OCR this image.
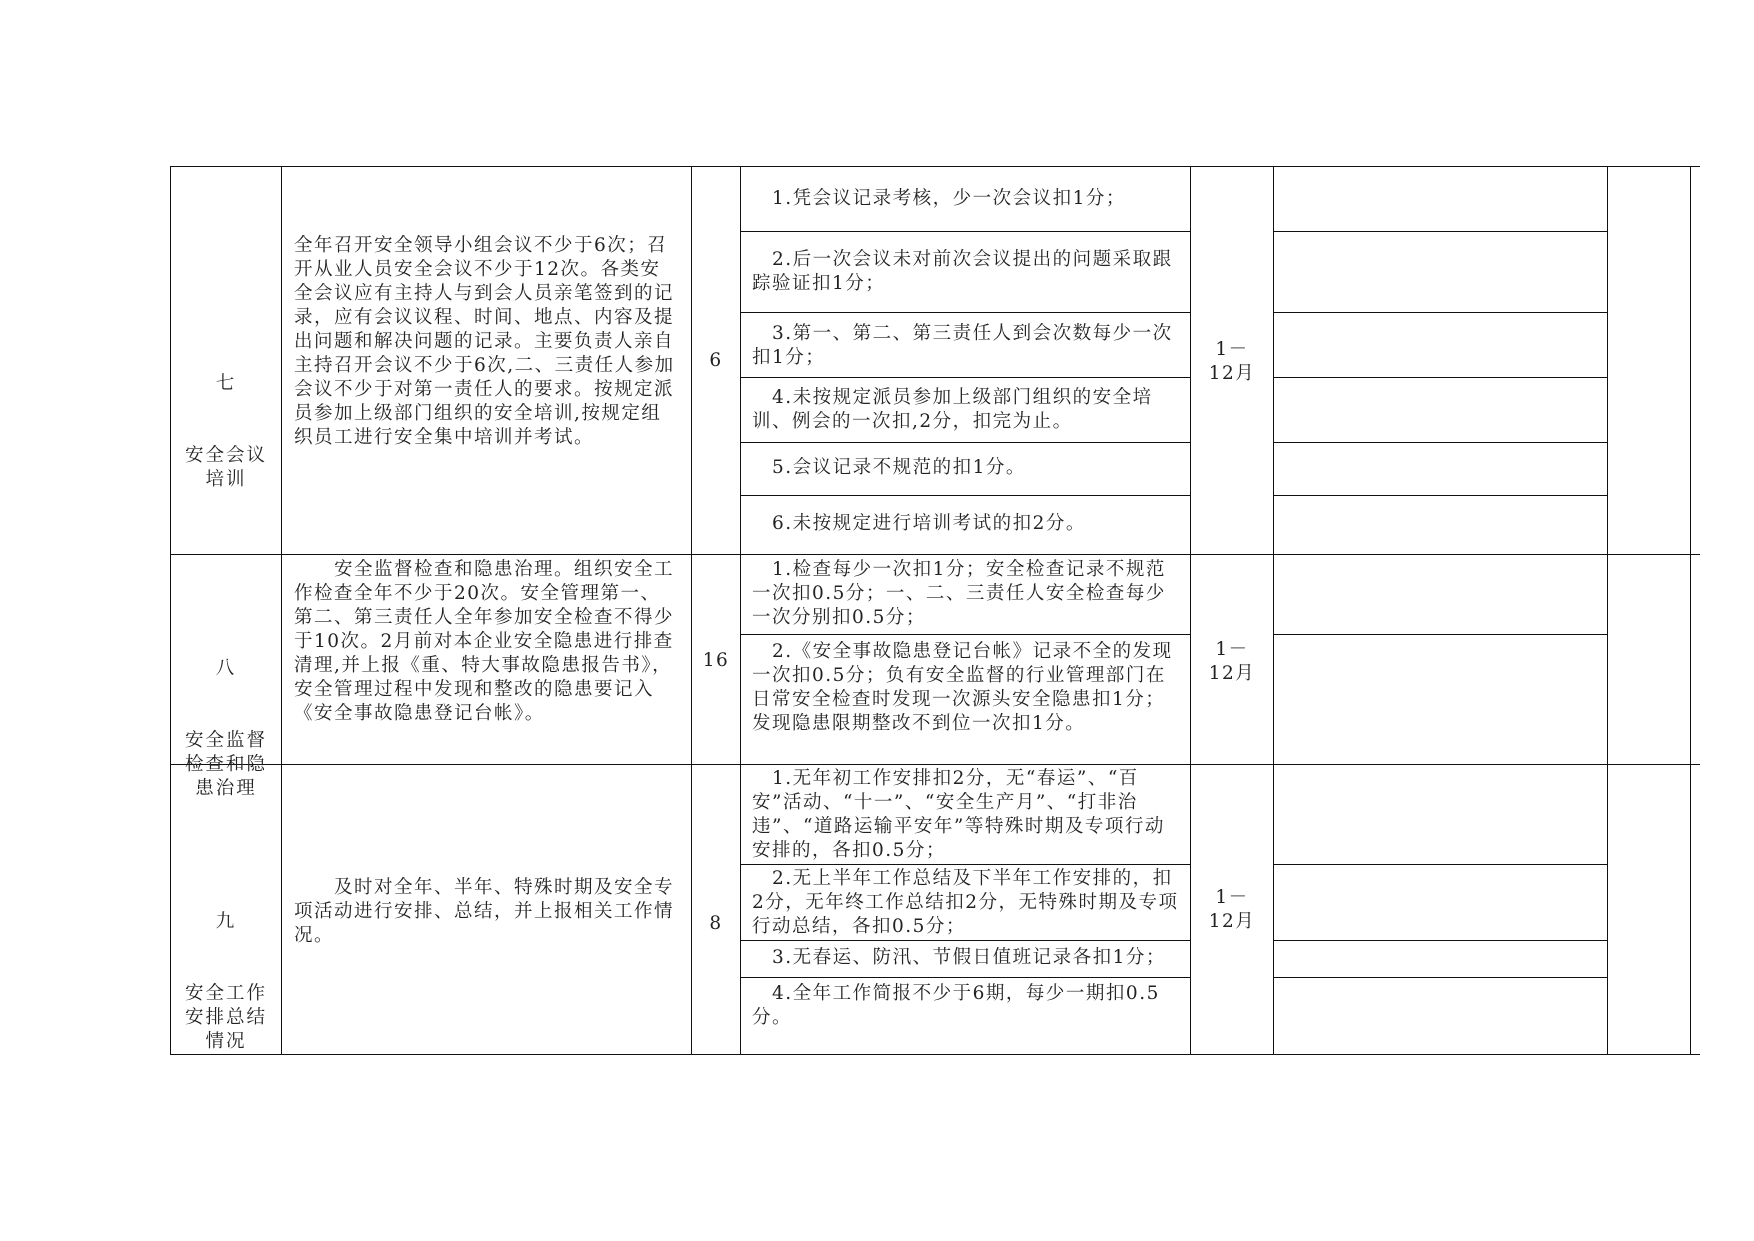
七

安全会议
培训

全年召开安全领导小组会议不少于6次；召开从业人员安全会议不少于12次。各类安全会议应有主持人与到会人员亲笔签到的记录，应有会议议程、时间、地点、内容及提出问题和解决问题的记录。主要负责人亲自主持召开会议不少于6次,二、三责任人参加会议不少于对第一责任人的要求。按规定派员参加上级部门组织的安全培训,按规定组织员工进行安全集中培训并考试。
6
　1.凭会议记录考核，少一次会议扣1分；
　2.后一次会议未对前次会议提出的问题采取跟踪验证扣1分；
　3.第一、第二、第三责任人到会次数每少一次扣1分；
　4.未按规定派员参加上级部门组织的安全培训、例会的一次扣,2分，扣完为止。
　5.会议记录不规范的扣1分。
　6.未按规定进行培训考试的扣2分。
1－
12月

八

安全监督
检查和隐
患治理

　　安全监督检查和隐患治理。组织安全工作检查全年不少于20次。安全管理第一、第二、第三责任人全年参加安全检查不得少于10次。2月前对本企业安全隐患进行排查清理,并上报《重、特大事故隐患报告书》，安全管理过程中发现和整改的隐患要记入《安全事故隐患登记台帐》。
16
　1.检查每少一次扣1分；安全检查记录不规范一次扣0.5分；一、二、三责任人安全检查每少一次分别扣0.5分；
　2.《安全事故隐患登记台帐》记录不全的发现一次扣0.5分；负有安全监督的行业管理部门在日常安全检查时发现一次源头安全隐患扣1分；发现隐患限期整改不到位一次扣1分。
1－
12月

九

安全工作
安排总结
情况

　　及时对全年、半年、特殊时期及安全专项活动进行安排、总结，并上报相关工作情况。
8
　1.无年初工作安排扣2分，无“春运”、“百安”活动、“十一”、“安全生产月”、“打非治违”、“道路运输平安年”等特殊时期及专项行动安排的，各扣0.5分；
　2.无上半年工作总结及下半年工作安排的，扣2分，无年终工作总结扣2分，无特殊时期及专项行动总结，各扣0.5分；
　3.无春运、防汛、节假日值班记录各扣1分；
　4.全年工作简报不少于6期，每少一期扣0.5分。
1－
12月
